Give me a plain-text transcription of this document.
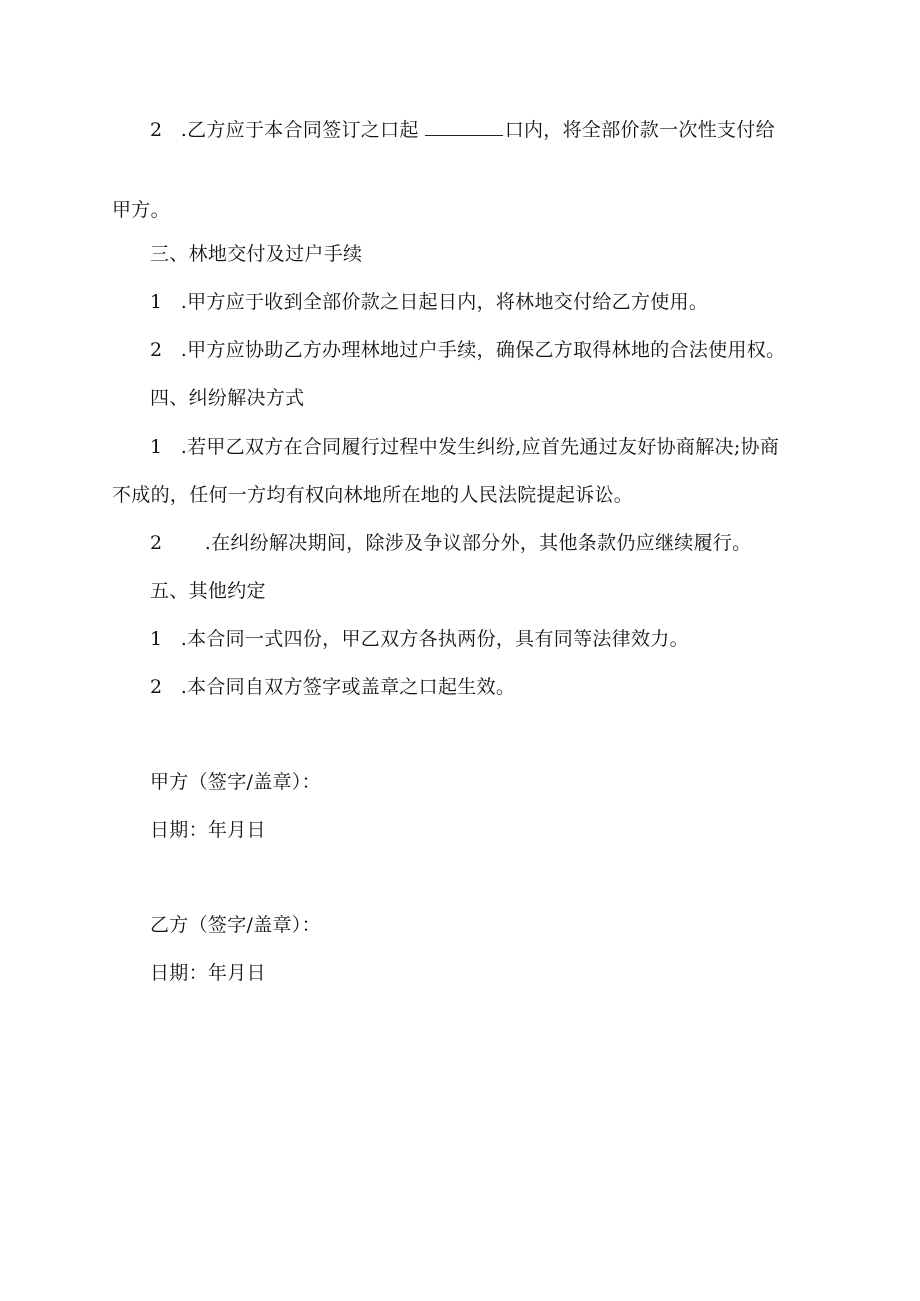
2 .乙方应于本合同签订之口起	口内，将全部价款一次性支付给
甲方。
三、林地交付及过户手续
1 .甲方应于收到全部价款之日起日内，将林地交付给乙方使用。
2 .甲方应协助乙方办理林地过户手续，确保乙方取得林地的合法使用权。
四、纠纷解决方式
1 .若甲乙双方在合同履行过程中发生纠纷,应首先通过友好协商解决;协商
不成的，任何一方均有权向林地所在地的人民法院提起诉讼。
2 .在纠纷解决期间，除涉及争议部分外，其他条款仍应继续履行。
五、其他约定
1 .本合同一式四份，甲乙双方各执两份，具有同等法律效力。
2 .本合同自双方签字或盖章之口起生效。
甲方（签字/盖章）：
日期：年月日
乙方（签字/盖章）：
日期：年月日
